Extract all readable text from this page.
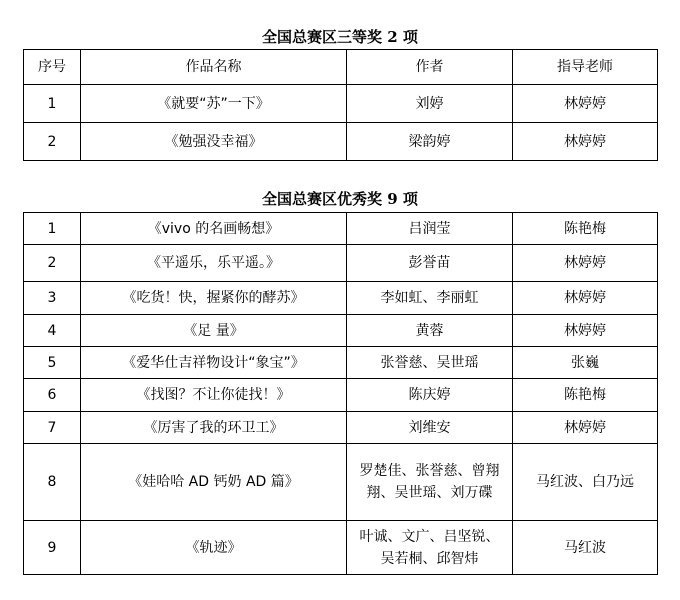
全国总赛区三等奖 2 项
序号	作品名称	作者	指导老师
1	《就要“苏”一下》	刘婷	林婷婷
2	《勉强没幸福》	梁韵婷	林婷婷
全国总赛区优秀奖 9 项
1	《vivo 的名画畅想》	吕润莹	陈艳梅
2	《平遥乐，乐平遥。》	彭誉苗	林婷婷
3	《吃货！快，握紧你的酵苏》	李如虹、李丽虹	林婷婷
4	《足 量》	黄蓉	林婷婷
5	《爱华仕吉祥物设计“象宝”》	张誉慈、吴世瑶	张巍
6	《找图？不让你徒找！》	陈庆婷	陈艳梅
7	《厉害了我的环卫工》	刘维安	林婷婷
8	《娃哈哈 AD 钙奶 AD 篇》	罗楚佳、张誉慈、曾翔翔、吴世瑶、刘万碟	马红波、白乃远
9	《轨迹》	叶诚、文广、吕坚锐、吴若桐、邱智炜	马红波
